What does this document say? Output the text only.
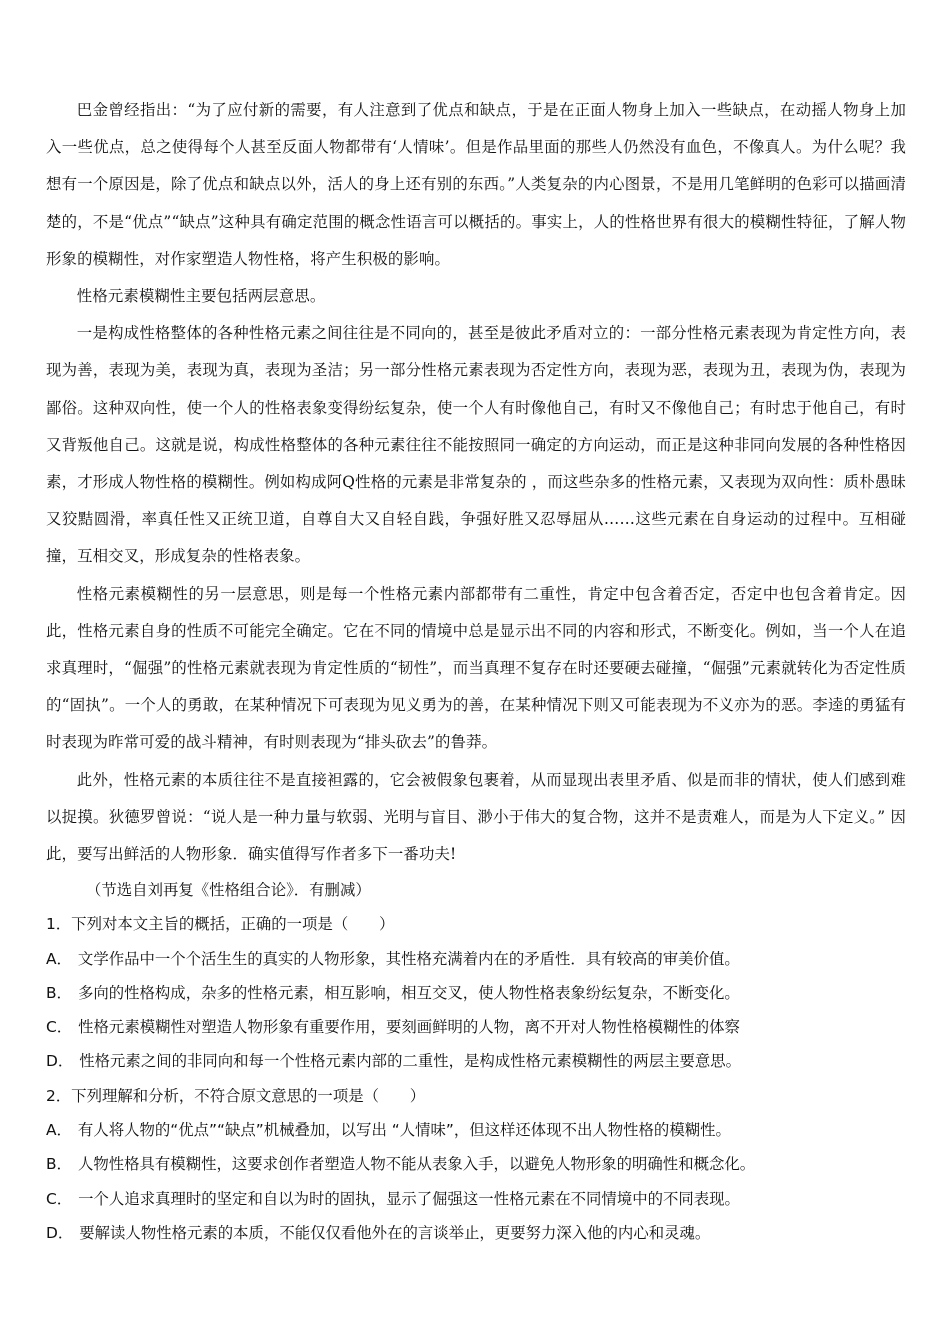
巴金曾经指出：“为了应付新的需要，有人注意到了优点和缺点，于是在正面人物身上加入一些缺点，在动摇人物身上加入一些优点，总之使得每个人甚至反面人物都带有‘人情味’。但是作品里面的那些人仍然没有血色，不像真人。为什么呢？我想有一个原因是，除了优点和缺点以外，活人的身上还有别的东西。”人类复杂的内心图景，不是用几笔鲜明的色彩可以描画清楚的，不是“优点”“缺点”这种具有确定范围的概念性语言可以概括的。事实上，人的性格世界有很大的模糊性特征，了解人物形象的模糊性，对作家塑造人物性格，将产生积极的影响。

性格元素模糊性主要包括两层意思。

一是构成性格整体的各种性格元素之间往往是不同向的，甚至是彼此矛盾对立的：一部分性格元素表现为肯定性方向，表现为善，表现为美，表现为真，表现为圣洁；另一部分性格元素表现为否定性方向，表现为恶，表现为丑，表现为伪，表现为鄙俗。这种双向性，使一个人的性格表象变得纷纭复杂，使一个人有时像他自己，有时又不像他自己；有时忠于他自己，有时又背叛他自己。这就是说，构成性格整体的各种元素往往不能按照同一确定的方向运动，而正是这种非同向发展的各种性格因素，才形成人物性格的模糊性。例如构成阿Q性格的元素是非常复杂的 ，而这些杂多的性格元素，又表现为双向性：质朴愚昧又狡黠圆滑，率真任性又正统卫道，自尊自大又自轻自践，争强好胜又忍辱屈从……这些元素在自身运动的过程中。互相碰撞，互相交叉，形成复杂的性格表象。

性格元素模糊性的另一层意思，则是每一个性格元素内部都带有二重性，肯定中包含着否定，否定中也包含着肯定。因此，性格元素自身的性质不可能完全确定。它在不同的情境中总是显示出不同的内容和形式，不断变化。例如，当一个人在追求真理时，“倔强”的性格元素就表现为肯定性质的“韧性”，而当真理不复存在时还要硬去碰撞，“倔强”元素就转化为否定性质的“固执”。一个人的勇敢，在某种情况下可表现为见义勇为的善，在某种情况下则又可能表现为不义亦为的恶。李逵的勇猛有时表现为昨常可爱的战斗精神，有时则表现为“排头砍去”的鲁莽。

此外，性格元素的本质往往不是直接袒露的，它会被假象包裹着，从而显现出表里矛盾、似是而非的情状，使人们感到难以捉摸。狄德罗曾说：“说人是一种力量与软弱、光明与盲目、渺小于伟大的复合物，这并不是责难人，而是为人下定义。” 因此，要写出鲜活的人物形象．确实值得写作者多下一番功夫!

（节选自刘再复《性格组合论》．有删减）

1．下列对本文主旨的概括，正确的一项是（　　）

A． 文学作品中一个个活生生的真实的人物形象，其性格充满着内在的矛盾性．具有较高的审美价值。

B． 多向的性格构成，杂多的性格元素，相互影响，相互交叉，使人物性格表象纷纭复杂，不断变化。

C． 性格元素模糊性对塑造人物形象有重要作用，要刻画鲜明的人物，离不开对人物性格模糊性的体察

D． 性格元素之间的非同向和每一个性格元素内部的二重性，是构成性格元素模糊性的两层主要意思。

2．下列理解和分析，不符合原文意思的一项是（　　）

A． 有人将人物的“优点”“缺点”机械叠加，以写出 “人情味”，但这样还体现不出人物性格的模糊性。

B． 人物性格具有模糊性，这要求创作者塑造人物不能从表象入手，以避免人物形象的明确性和概念化。

C． 一个人追求真理时的坚定和自以为时的固执，显示了倔强这一性格元素在不同情境中的不同表现。

D． 要解读人物性格元素的本质，不能仅仅看他外在的言谈举止，更要努力深入他的内心和灵魂。
